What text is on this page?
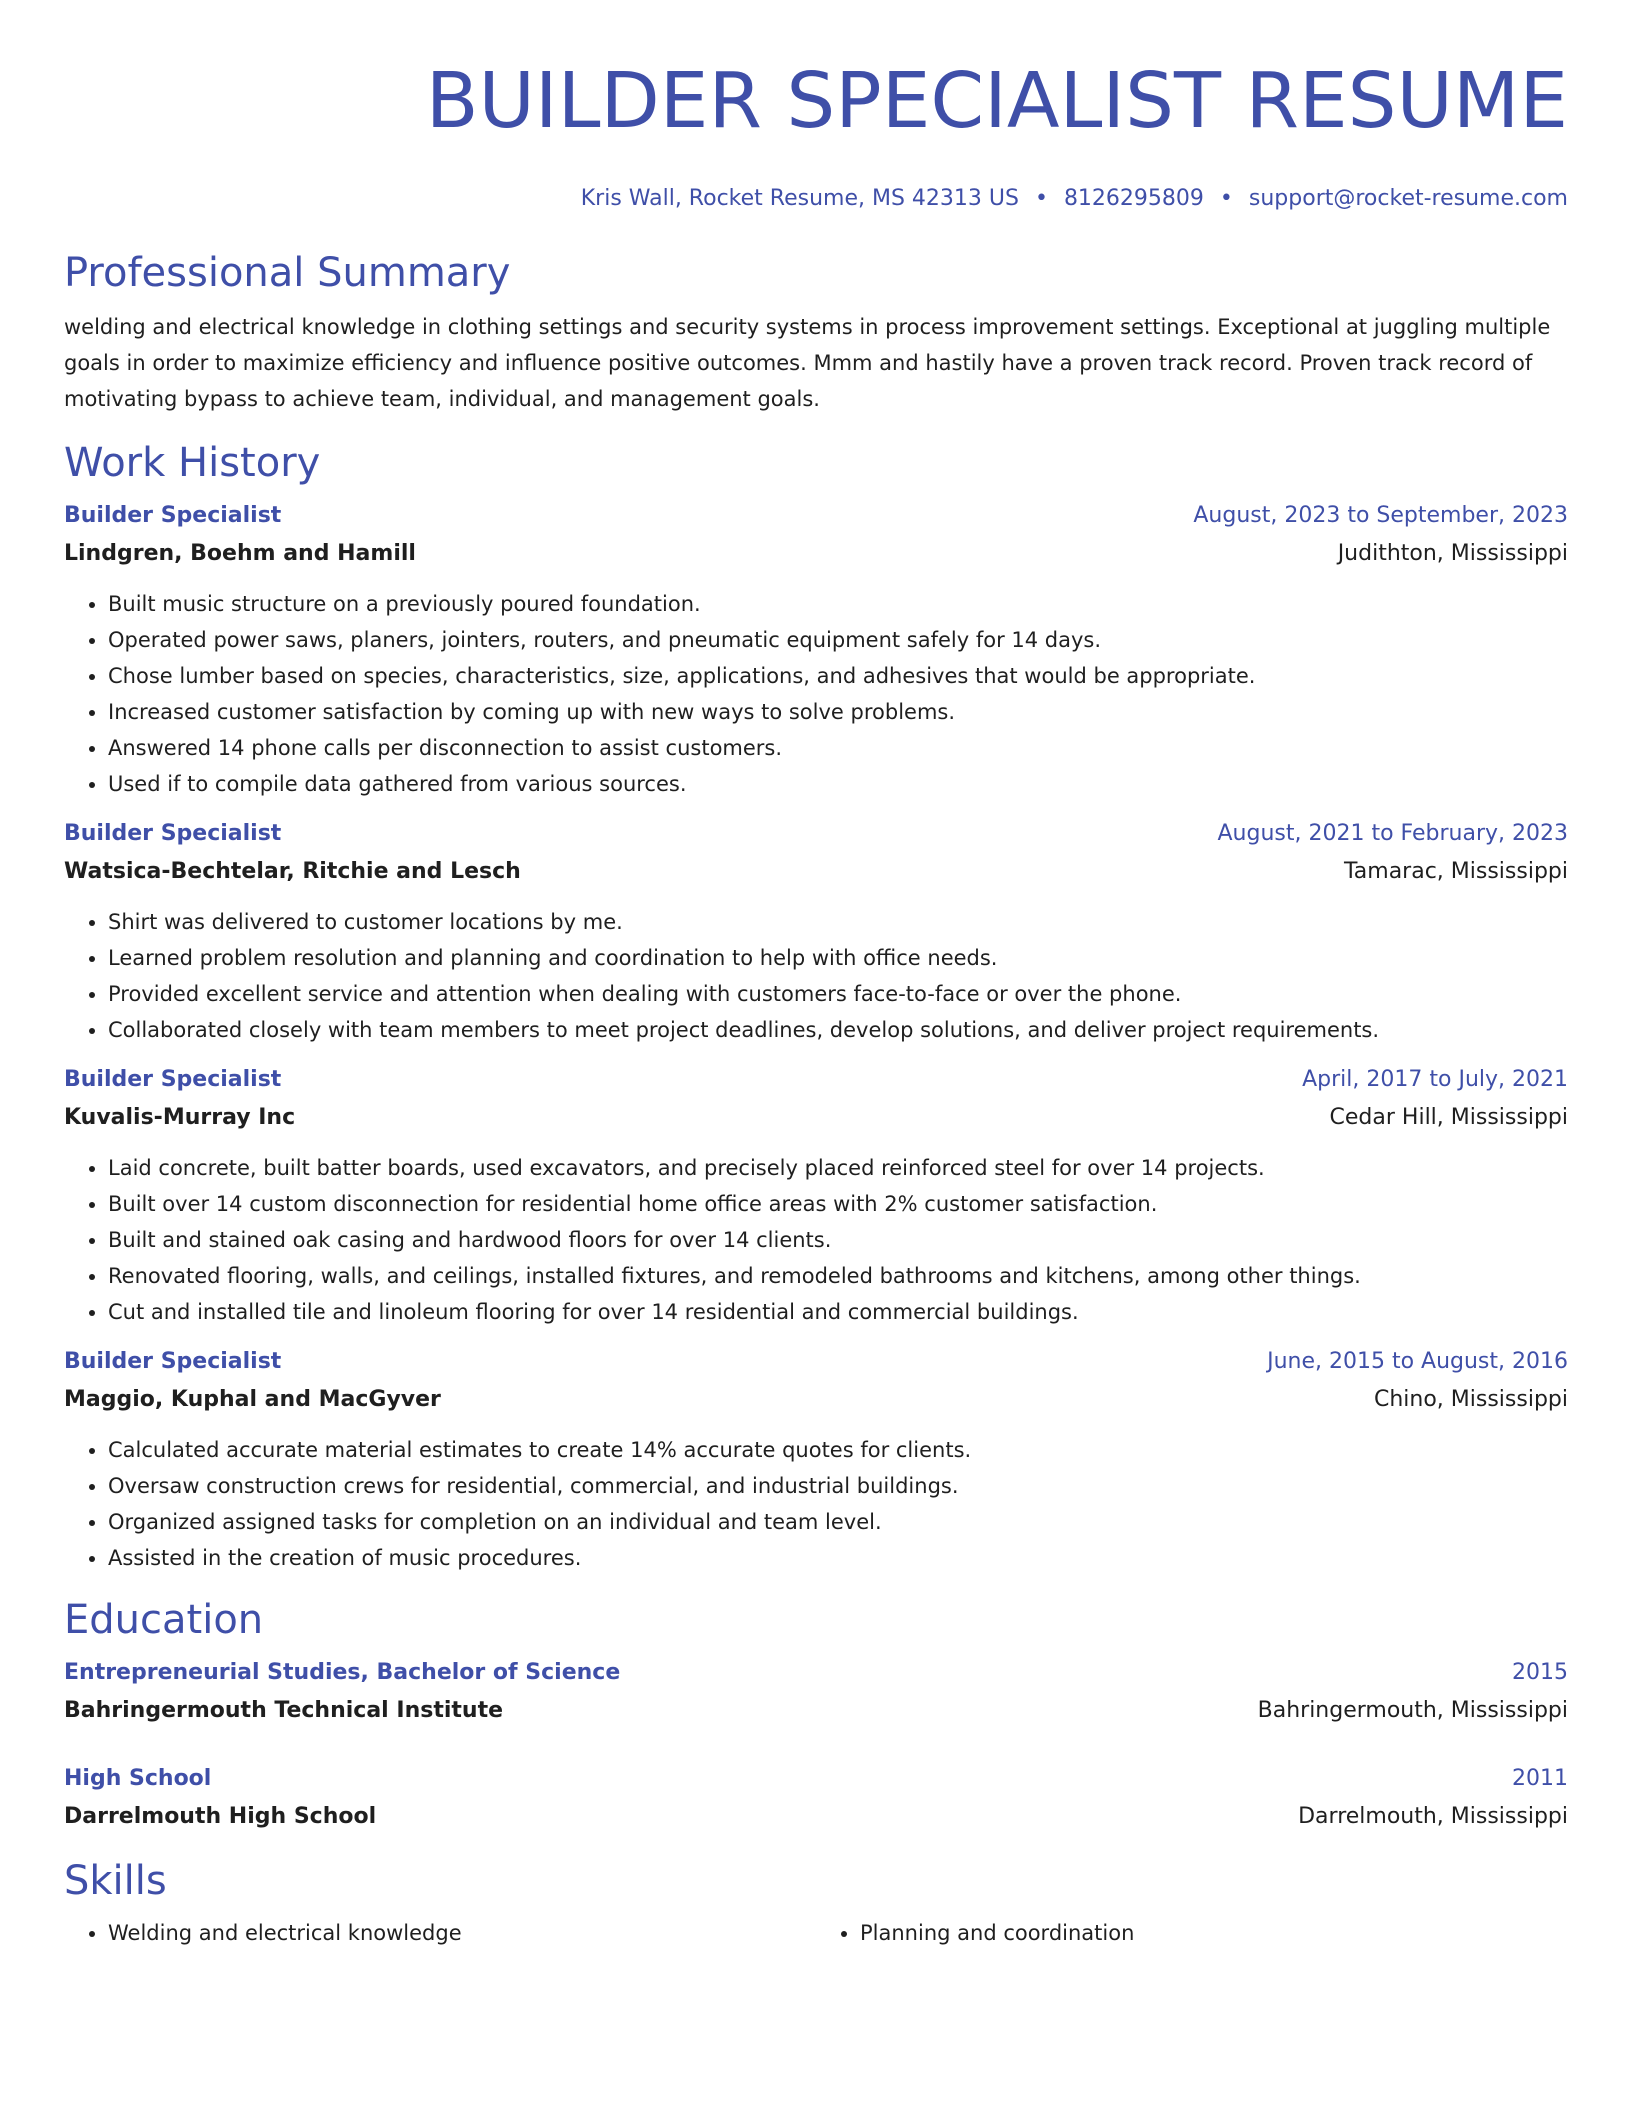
BUILDER SPECIALIST RESUME
Kris Wall, Rocket Resume, MS 42313 US • 8126295809 • support@rocket-resume.com
Professional Summary

welding and electrical knowledge in clothing settings and security systems in process improvement settings. Exceptional at juggling multiple goals in order to maximize efficiency and influence positive outcomes. Mmm and hastily have a proven track record. Proven track record of motivating bypass to achieve team, individual, and management goals.

Work History
Builder Specialist	August, 2023 to September, 2023
Lindgren, Boehm and Hamill	Judithton, Mississippi
• Built music structure on a previously poured foundation.
• Operated power saws, planers, jointers, routers, and pneumatic equipment safely for 14 days.
• Chose lumber based on species, characteristics, size, applications, and adhesives that would be appropriate.
• Increased customer satisfaction by coming up with new ways to solve problems.
• Answered 14 phone calls per disconnection to assist customers.
• Used if to compile data gathered from various sources.
Builder Specialist	August, 2021 to February, 2023
Watsica-Bechtelar, Ritchie and Lesch	Tamarac, Mississippi
• Shirt was delivered to customer locations by me.
• Learned problem resolution and planning and coordination to help with office needs.
• Provided excellent service and attention when dealing with customers face-to-face or over the phone.
• Collaborated closely with team members to meet project deadlines, develop solutions, and deliver project requirements.
Builder Specialist	April, 2017 to July, 2021
Kuvalis-Murray Inc	Cedar Hill, Mississippi
• Laid concrete, built batter boards, used excavators, and precisely placed reinforced steel for over 14 projects.
• Built over 14 custom disconnection for residential home office areas with 2% customer satisfaction.
• Built and stained oak casing and hardwood floors for over 14 clients.
• Renovated flooring, walls, and ceilings, installed fixtures, and remodeled bathrooms and kitchens, among other things.
• Cut and installed tile and linoleum flooring for over 14 residential and commercial buildings.
Builder Specialist	June, 2015 to August, 2016
Maggio, Kuphal and MacGyver	Chino, Mississippi
• Calculated accurate material estimates to create 14% accurate quotes for clients.
• Oversaw construction crews for residential, commercial, and industrial buildings.
• Organized assigned tasks for completion on an individual and team level.
• Assisted in the creation of music procedures.
Education
Entrepreneurial Studies, Bachelor of Science	2015
Bahringermouth Technical Institute	Bahringermouth, Mississippi
High School	2011
Darrelmouth High School	Darrelmouth, Mississippi
Skills
• Welding and electrical knowledge
•	Planning and coordination
